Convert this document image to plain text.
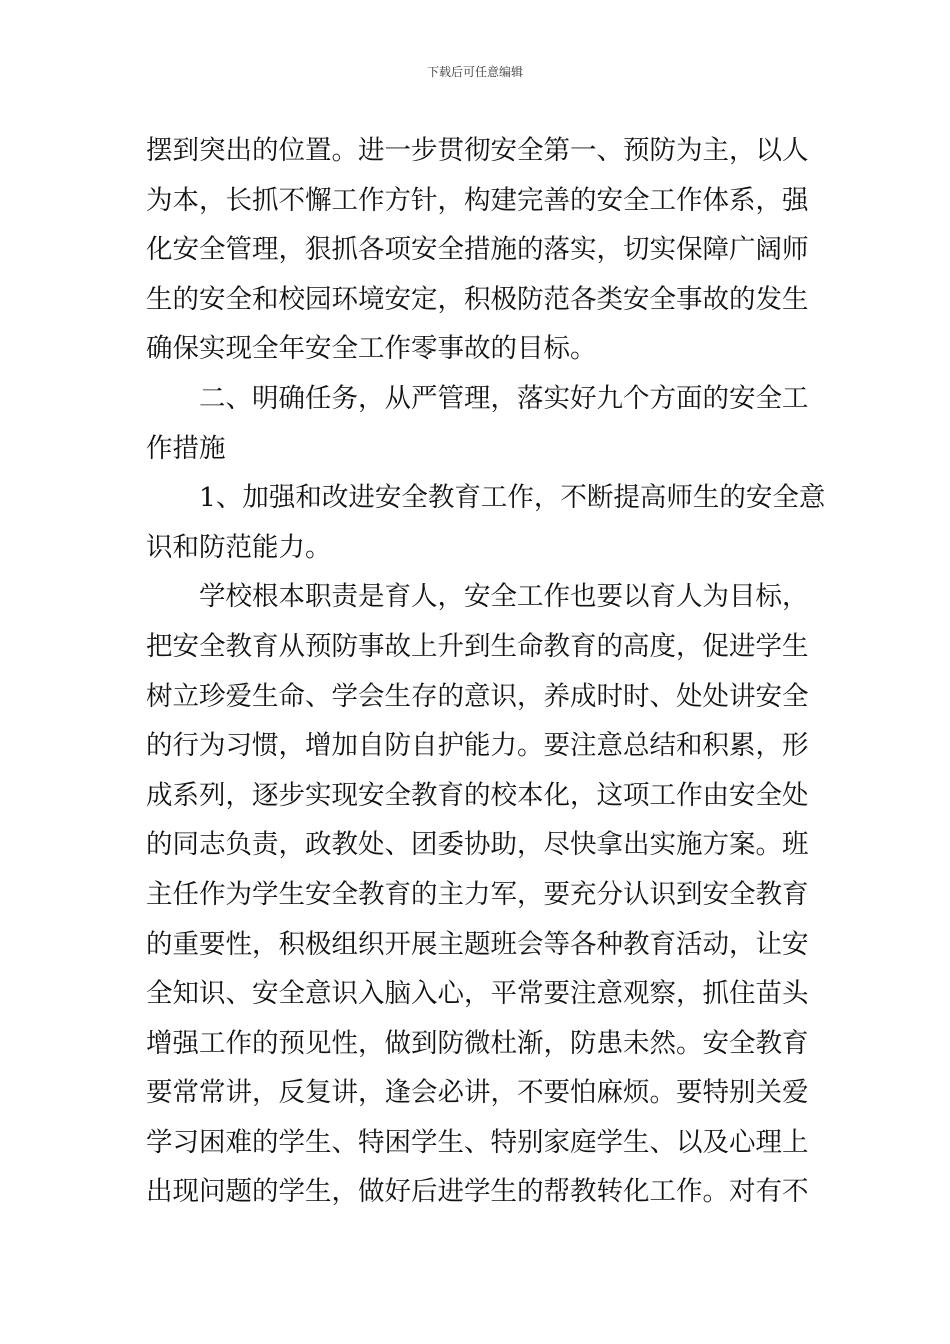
下载后可任意编辑
摆到突出的位置。进一步贯彻安全第一、预防为主，以人
为本，长抓不懈工作方针，构建完善的安全工作体系，强
化安全管理，狠抓各项安全措施的落实，切实保障广阔师
生的安全和校园环境安定，积极防范各类安全事故的发生
确保实现全年安全工作零事故的目标。
二、明确任务，从严管理，落实好九个方面的安全工
作措施
1、加强和改进安全教育工作，不断提高师生的安全意
识和防范能力。
学校根本职责是育人，安全工作也要以育人为目标，
把安全教育从预防事故上升到生命教育的高度，促进学生
树立珍爱生命、学会生存的意识，养成时时、处处讲安全
的行为习惯，增加自防自护能力。要注意总结和积累，形
成系列，逐步实现安全教育的校本化，这项工作由安全处
的同志负责，政教处、团委协助，尽快拿出实施方案。班
主任作为学生安全教育的主力军，要充分认识到安全教育
的重要性，积极组织开展主题班会等各种教育活动，让安
全知识、安全意识入脑入心，平常要注意观察，抓住苗头
增强工作的预见性，做到防微杜渐，防患未然。安全教育
要常常讲，反复讲，逢会必讲，不要怕麻烦。要特别关爱
学习困难的学生、特困学生、特别家庭学生、以及心理上
出现问题的学生，做好后进学生的帮教转化工作。对有不
